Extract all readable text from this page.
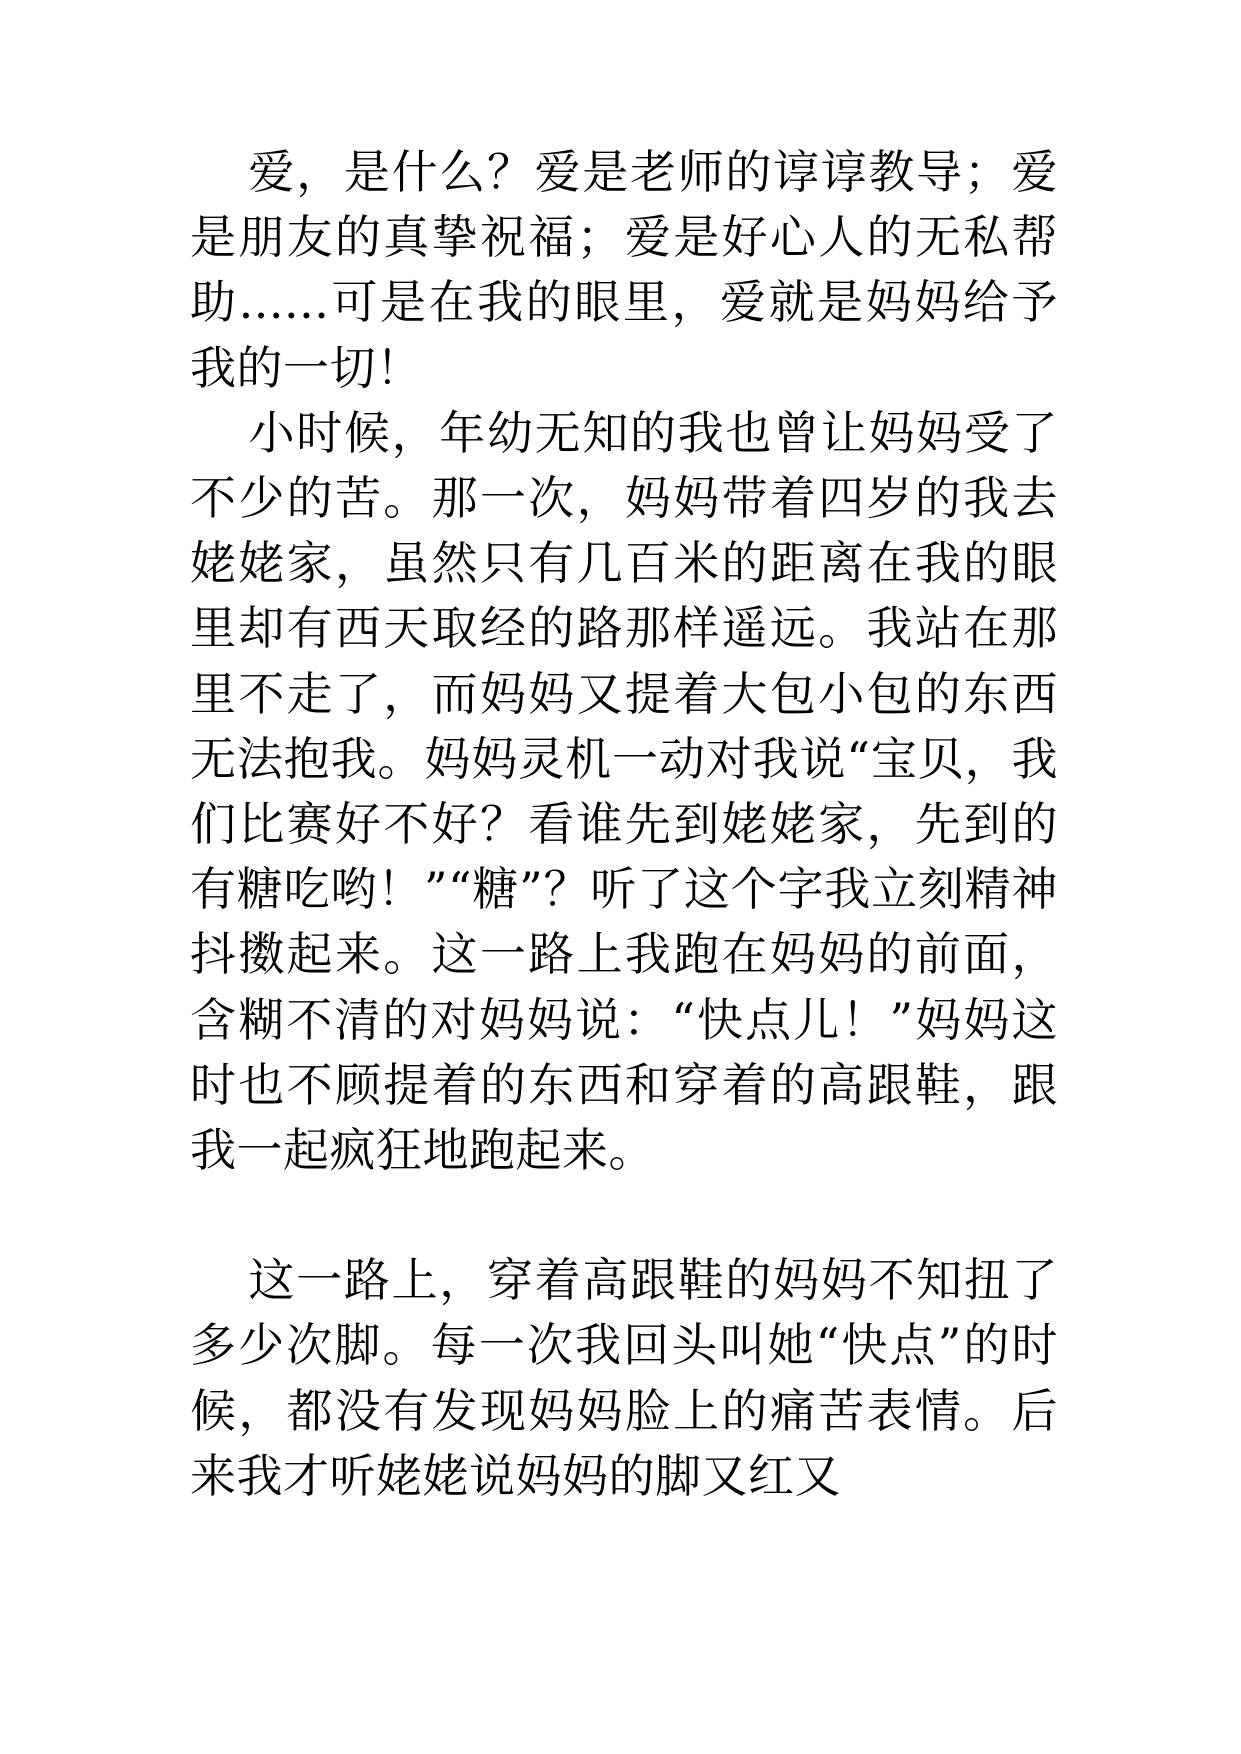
爱，是什么？爱是老师的谆谆教导；爱是朋友的真挚祝福；爱是好心人的无私帮助......可是在我的眼里，爱就是妈妈给予我的一切！

小时候，年幼无知的我也曾让妈妈受了不少的苦。那一次，妈妈带着四岁的我去姥姥家，虽然只有几百米的距离在我的眼里却有西天取经的路那样遥远。我站在那里不走了，而妈妈又提着大包小包的东西无法抱我。妈妈灵机一动对我说“宝贝，我们比赛好不好？看谁先到姥姥家，先到的有糖吃哟！”“糖”？听了这个字我立刻精神抖擞起来。这一路上我跑在妈妈的前面，含糊不清的对妈妈说：“快点儿！”妈妈这时也不顾提着的东西和穿着的高跟鞋，跟我一起疯狂地跑起来。

这一路上，穿着高跟鞋的妈妈不知扭了多少次脚。每一次我回头叫她“快点”的时候，都没有发现妈妈脸上的痛苦表情。后来我才听姥姥说妈妈的脚又红又
